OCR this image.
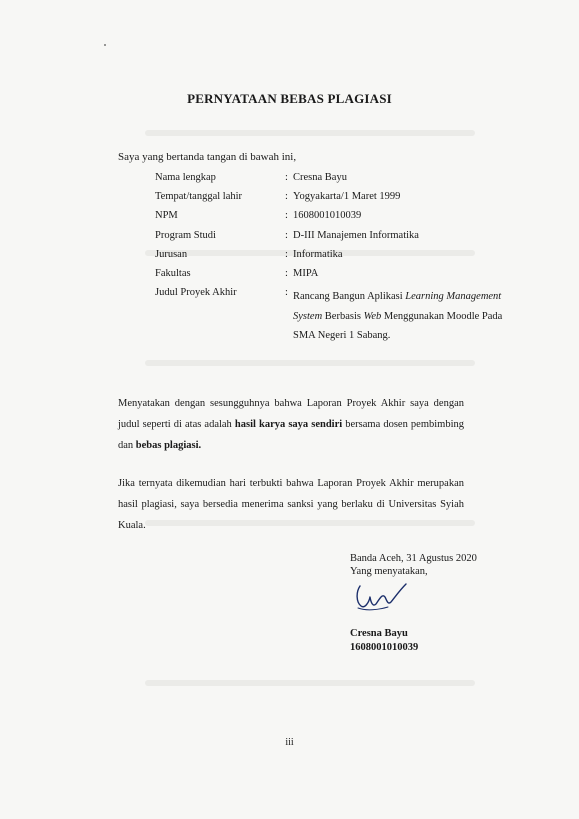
PERNYATAAN BEBAS PLAGIASI
Saya yang bertanda tangan di bawah ini,
Nama lengkap	: Cresna Bayu
Tempat/tanggal lahir	: Yogyakarta/1 Maret 1999
NPM	: 1608001010039
Program Studi	: D-III Manajemen Informatika
Jurusan	: Informatika
Fakultas	: MIPA
Judul Proyek Akhir	: Rancang Bangun Aplikasi Learning Management System Berbasis Web Menggunakan Moodle Pada SMA Negeri 1 Sabang.
Menyatakan dengan sesungguhnya bahwa Laporan Proyek Akhir saya dengan judul seperti di atas adalah hasil karya saya sendiri bersama dosen pembimbing dan bebas plagiasi.
Jika ternyata dikemudian hari terbukti bahwa Laporan Proyek Akhir merupakan hasil plagiasi, saya bersedia menerima sanksi yang berlaku di Universitas Syiah Kuala.
Banda Aceh, 31 Agustus 2020
Yang menyatakan,
Cresna Bayu
1608001010039
iii
